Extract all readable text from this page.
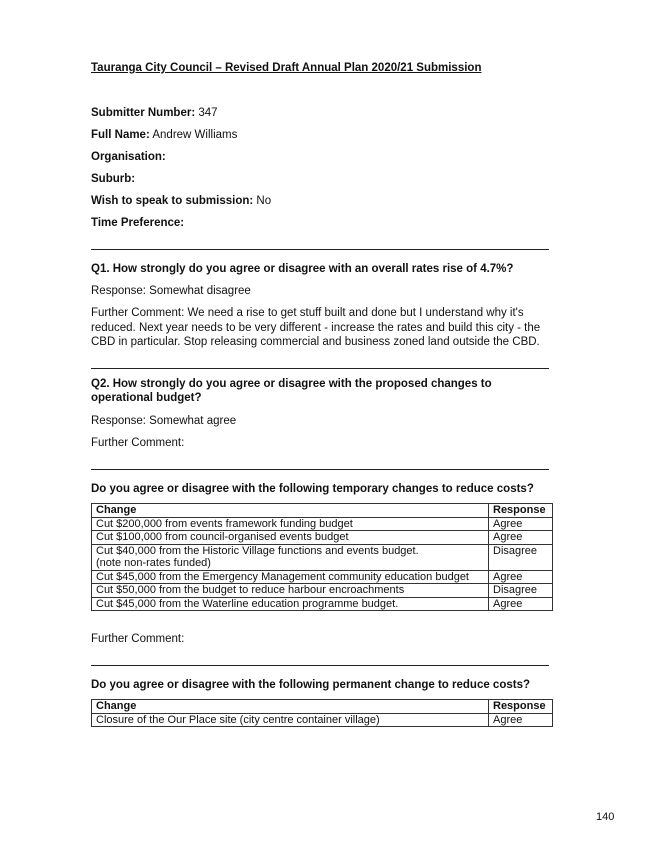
Tauranga City Council – Revised Draft Annual Plan 2020/21 Submission
Submitter Number: 347
Full Name: Andrew Williams
Organisation:
Suburb:
Wish to speak to submission: No
Time Preference:
Q1. How strongly do you agree or disagree with an overall rates rise of 4.7%?
Response: Somewhat disagree
Further Comment: We need a rise to get stuff built and done but I understand why it's reduced. Next year needs to be very different - increase the rates and build this city - the CBD in particular. Stop releasing commercial and business zoned land outside the CBD.
Q2. How strongly do you agree or disagree with the proposed changes to operational budget?
Response: Somewhat agree
Further Comment:
Do you agree or disagree with the following temporary changes to reduce costs?
Change	Response
Cut $200,000 from events framework funding budget	Agree
Cut $100,000 from council-organised events budget	Agree

Cut $40,000 from the Historic Village functions and events budget.
(note non-rates funded)	Disagree
Cut $45,000 from the Emergency Management community education budget	Agree
Cut $50,000 from the budget to reduce harbour encroachments	Disagree
Cut $45,000 from the Waterline education programme budget.	Agree
Further Comment:
Do you agree or disagree with the following permanent change to reduce costs?
Change	Response
Closure of the Our Place site (city centre container village)	Agree
140
